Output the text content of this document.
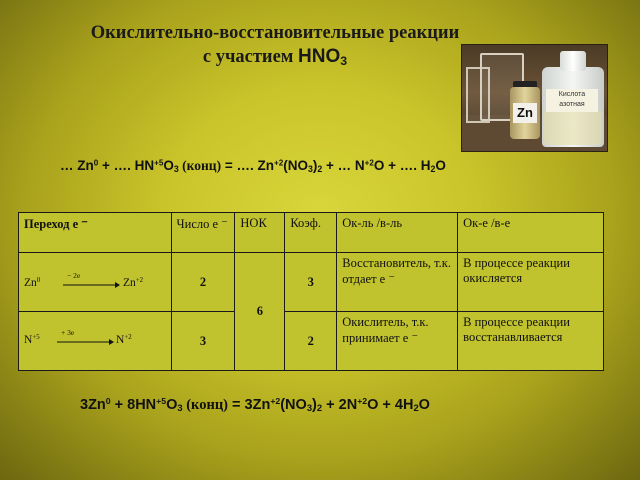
Окислительно-восстановительные реакции
с участием $HNO_3$
Кислота азотная
Zn
… $Zn^0$ + …. $HN^{+5}O_3$ (конц) = …. $Zn^{+2}(NO_3)_2$ + … $N^{+2}O$ + …. $H_2O$
Переход е ⁻	Число е ⁻	НОК	Коэф.	Ок-ль /в-ль	Ок-е /в-е

$Zn^0$
− 2e
$Zn^{+2}$	2	6	3	Восстановитель, т.к. отдает е ⁻	В процессе реакции окисляется

$N^{+5}$
+ 3e
$N^{+2}$	3		2	Окислитель, т.к. принимает е ⁻	В процессе реакции восстанавливается
$3Zn^0 + 8HN^{+5}O_3$ (конц) = $3Zn^{+2}(NO_3)_2 + 2N^{+2}O + 4H_2O$
